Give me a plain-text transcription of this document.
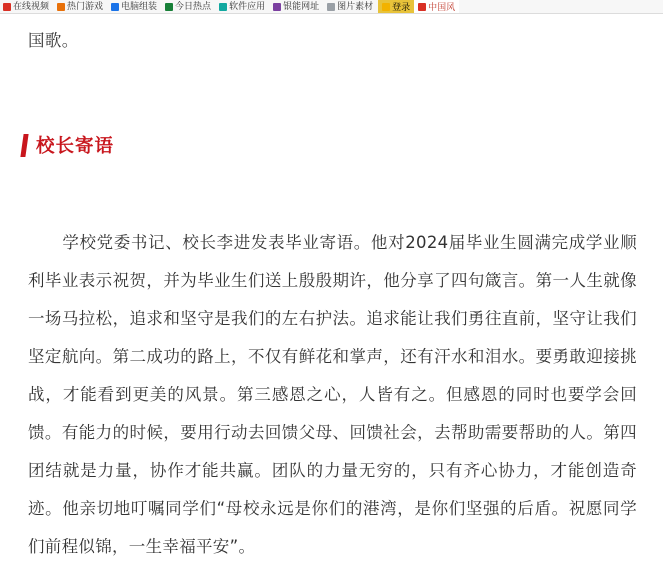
在线视频 热门游戏 电脑组装 今日热点 软件应用 银能网址 图片素材 登录 中国风
国歌。
校长寄语

学校党委书记、校长李进发表毕业寄语。他对2024届毕业生圆满完成学业顺利毕业表示祝贺，并为毕业生们送上殷殷期许，他分享了四句箴言。第一人生就像一场马拉松，追求和坚守是我们的左右护法。追求能让我们勇往直前，坚守让我们坚定航向。第二成功的路上，不仅有鲜花和掌声，还有汗水和泪水。要勇敢迎接挑战，才能看到更美的风景。第三感恩之心，人皆有之。但感恩的同时也要学会回馈。有能力的时候，要用行动去回馈父母、回馈社会，去帮助需要帮助的人。第四团结就是力量，协作才能共赢。团队的力量无穷的，只有齐心协力，才能创造奇迹。他亲切地叮嘱同学们“母校永远是你们的港湾，是你们坚强的后盾。祝愿同学们前程似锦，一生幸福平安”。
